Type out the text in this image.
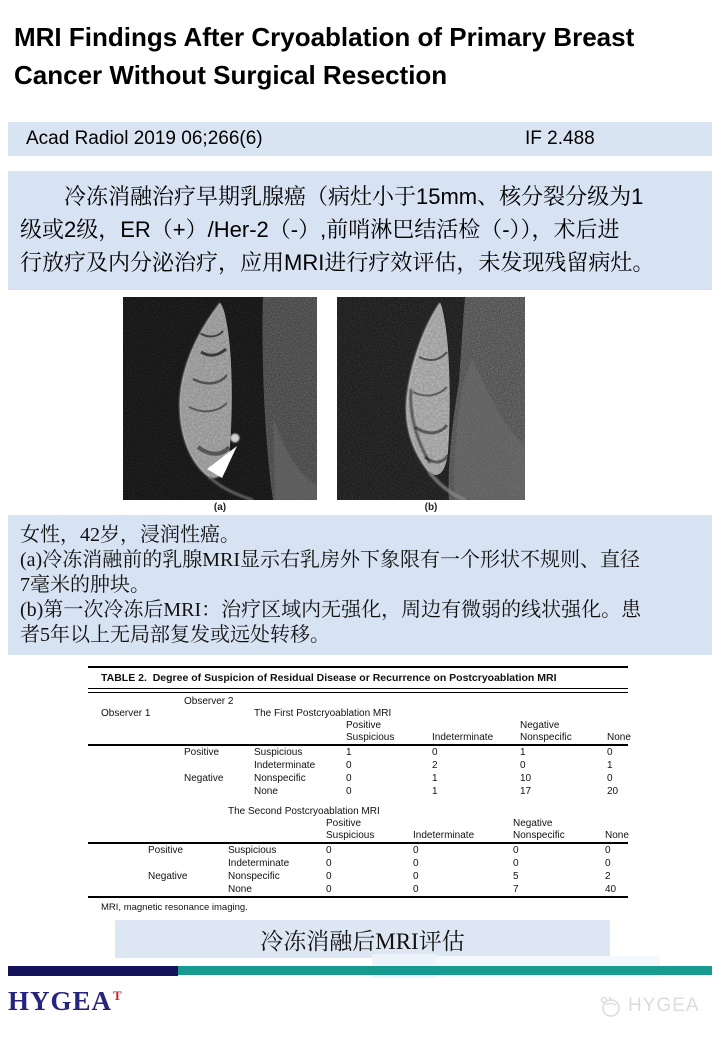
MRI Findings After Cryoablation of Primary Breast Cancer Without Surgical Resection
Acad Radiol 2019 06;266(6)	IF 2.488
冷冻消融治疗早期乳腺癌（病灶小于15mm、核分裂分级为1
级或2级，ER（+）/Her-2（-）,前哨淋巴结活检（-）），术后进
行放疗及内分泌治疗，应用MRI进行疗效评估，未发现残留病灶。
(a)	(b)
女性，42岁，浸润性癌。
(a)冷冻消融前的乳腺MRI显示右乳房外下象限有一个形状不规则、直径
7毫米的肿块。
(b)第一次冷冻后MRI：治疗区域内无强化，周边有微弱的线状强化。患
者5年以上无局部复发或远处转移。
TABLE 2.  Degree of Suspicion of Residual Disease or Recurrence on Postcryoablation MRI
Observer 2
Observer 1	The First Postcryoablation MRI
Positive	Negative
Suspicious	Indeterminate	Nonspecific	None
Positive	Suspicious	1	0	1	0
Indeterminate	0	2	0	1
Negative	Nonspecific	0	1	10	0
None	0	1	17	20
The Second Postcryoablation MRI
Positive	Negative
Suspicious	Indeterminate	Nonspecific	None
Positive	Suspicious	0	0	0	0
Indeterminate	0	0	0	0
Negative	Nonspecific	0	0	5	2
None	0	0	7	40
MRI, magnetic resonance imaging.
冷冻消融后MRI评估
$HYGEA^T$	HYGEA
